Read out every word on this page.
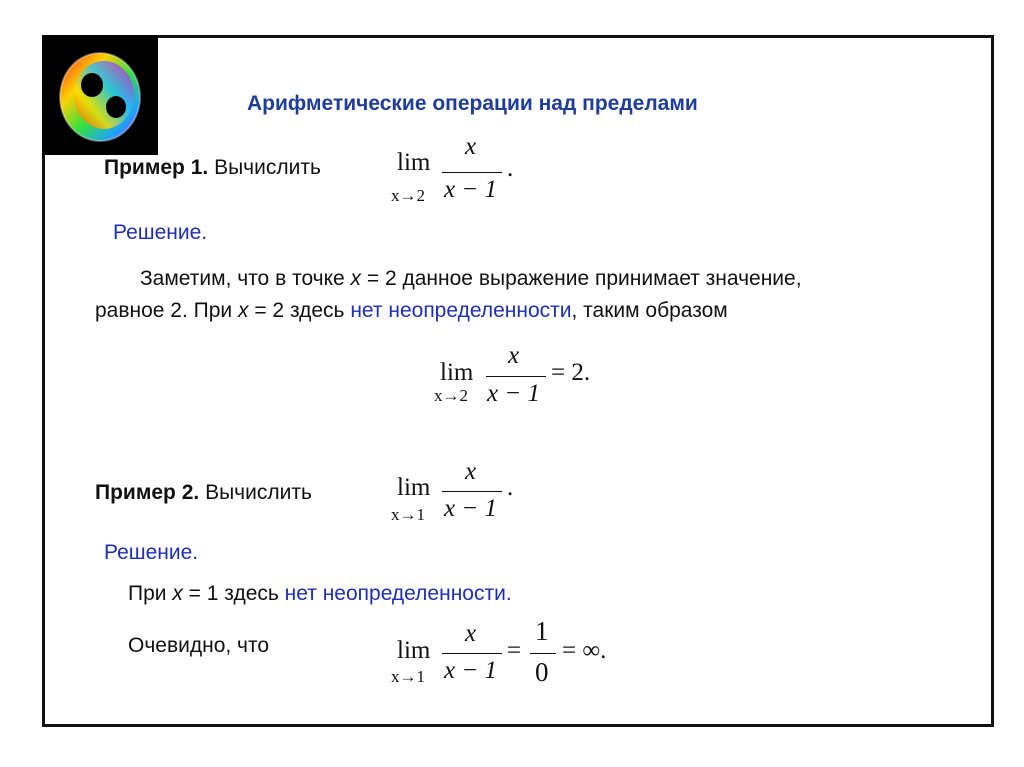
Арифметические операции над пределами
Пример 1. Вычислить	lim
x→2
x
x − 1
.
Решение.
Заметим, что в точке x = 2 данное выражение принимает значение,
равное 2. При x = 2 здесь нет неопределенности, таким образом
lim
x→2
x
x − 1
= 2.
Пример 2. Вычислить	lim
x→1
x
x − 1
.
Решение.
При x = 1 здесь нет неопределенности.
Очевидно, что	lim
x→1
x
x − 1
=
1
0
= ∞.
